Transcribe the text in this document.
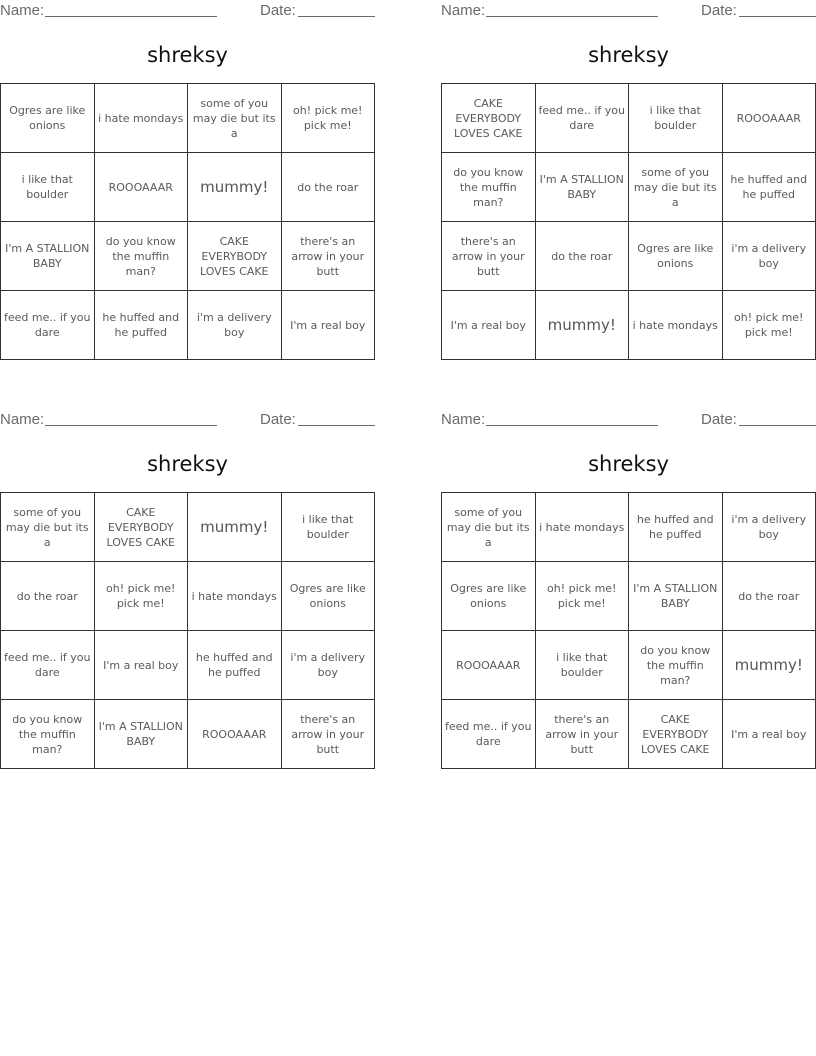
Name:	Date:
shreksy
Ogres are like onions	i hate mondays	some of you may die but its a	oh! pick me! pick me!
i like that boulder	ROOOAAAR	mummy!	do the roar
I'm A STALLION BABY	do you know the muffin man?	CAKE EVERYBODY LOVES CAKE	there's an arrow in your butt
feed me.. if you dare	he huffed and he puffed	i'm a delivery boy	I'm a real boy
Name:	Date:
shreksy
CAKE EVERYBODY LOVES CAKE	feed me.. if you dare	i like that boulder	ROOOAAAR
do you know the muffin man?	I'm A STALLION BABY	some of you may die but its a	he huffed and he puffed
there's an arrow in your butt	do the roar	Ogres are like onions	i'm a delivery boy
I'm a real boy	mummy!	i hate mondays	oh! pick me! pick me!
Name:	Date:
shreksy
some of you may die but its a	CAKE EVERYBODY LOVES CAKE	mummy!	i like that boulder
do the roar	oh! pick me! pick me!	i hate mondays	Ogres are like onions
feed me.. if you dare	I'm a real boy	he huffed and he puffed	i'm a delivery boy
do you know the muffin man?	I'm A STALLION BABY	ROOOAAAR	there's an arrow in your butt
Name:	Date:
shreksy
some of you may die but its a	i hate mondays	he huffed and he puffed	i'm a delivery boy
Ogres are like onions	oh! pick me! pick me!	I'm A STALLION BABY	do the roar
ROOOAAAR	i like that boulder	do you know the muffin man?	mummy!
feed me.. if you dare	there's an arrow in your butt	CAKE EVERYBODY LOVES CAKE	I'm a real boy
